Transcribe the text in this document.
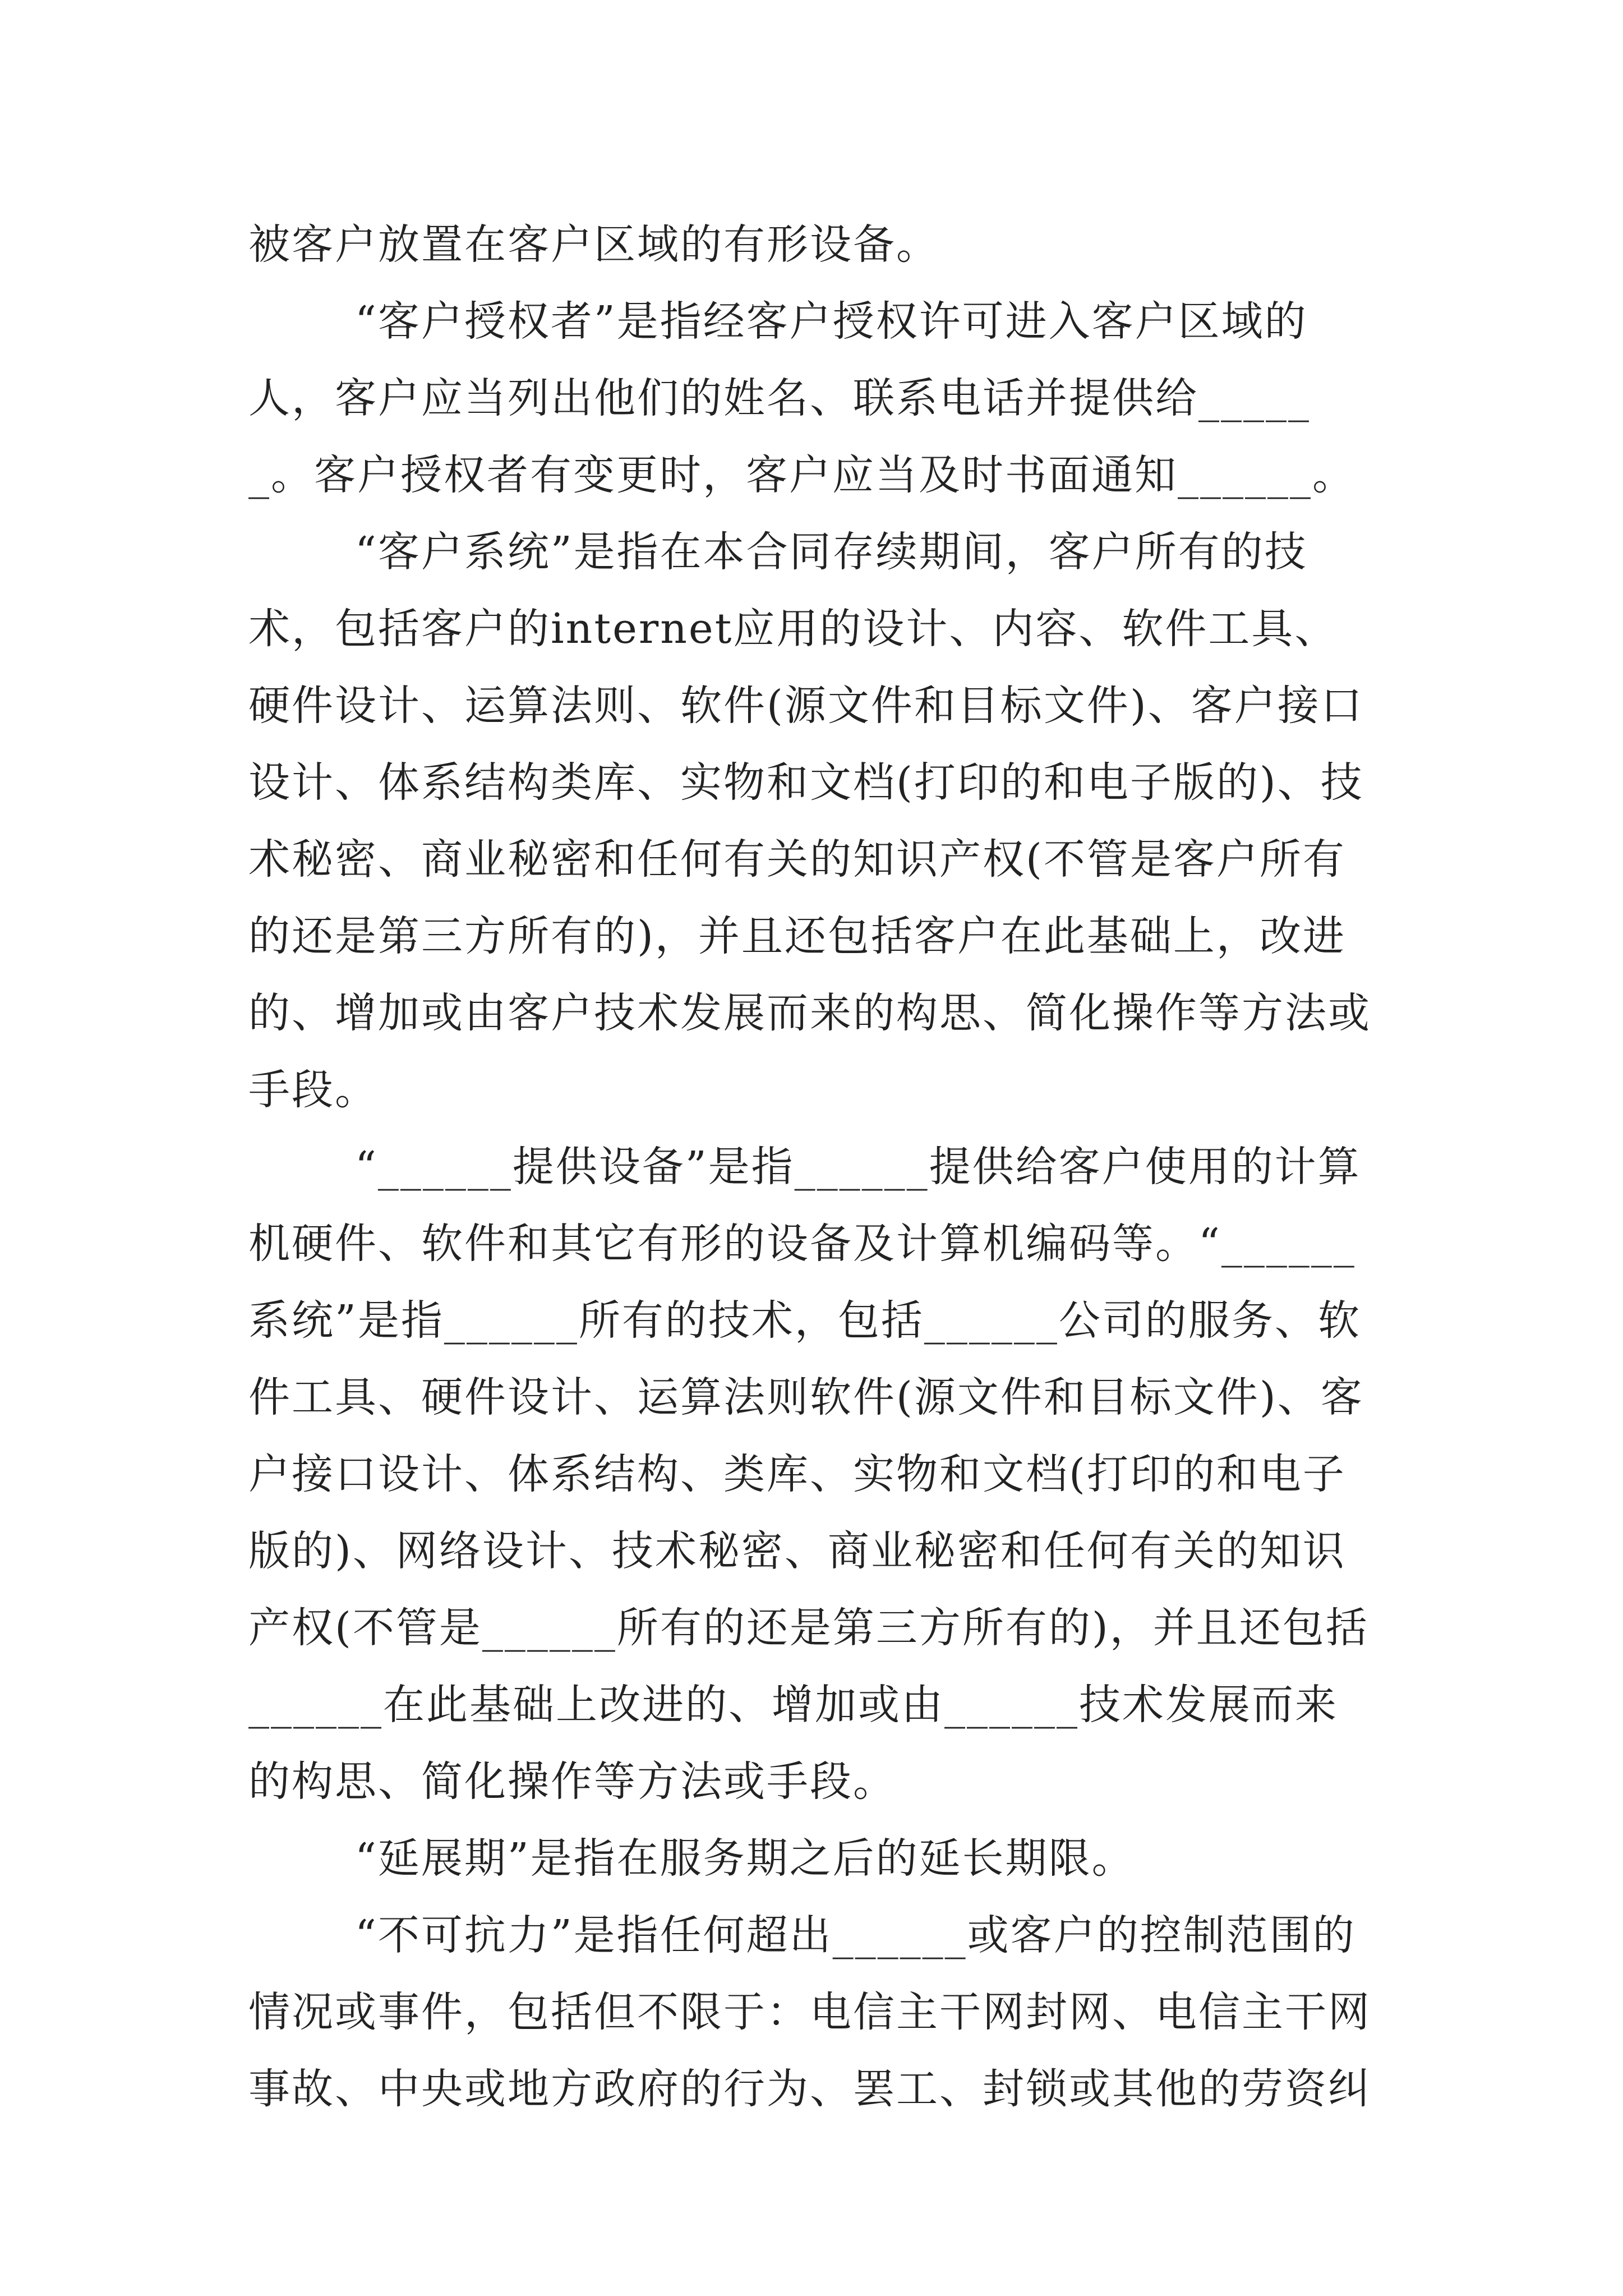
被客户放置在客户区域的有形设备。

“客户授权者”是指经客户授权许可进入客户区域的人，客户应当列出他们的姓名、联系电话并提供给______。客户授权者有变更时，客户应当及时书面通知______。

“客户系统”是指在本合同存续期间，客户所有的技术，包括客户的internet应用的设计、内容、软件工具、硬件设计、运算法则、软件(源文件和目标文件)、客户接口设计、体系结构类库、实物和文档(打印的和电子版的)、技术秘密、商业秘密和任何有关的知识产权(不管是客户所有的还是第三方所有的)，并且还包括客户在此基础上，改进的、增加或由客户技术发展而来的构思、简化操作等方法或手段。

“______提供设备”是指______提供给客户使用的计算机硬件、软件和其它有形的设备及计算机编码等。“______系统”是指______所有的技术，包括______公司的服务、软件工具、硬件设计、运算法则软件(源文件和目标文件)、客户接口设计、体系结构、类库、实物和文档(打印的和电子版的)、网络设计、技术秘密、商业秘密和任何有关的知识产权(不管是______所有的还是第三方所有的)，并且还包括______在此基础上改进的、增加或由______技术发展而来的构思、简化操作等方法或手段。

“延展期”是指在服务期之后的延长期限。

“不可抗力”是指任何超出______或客户的控制范围的情况或事件，包括但不限于：电信主干网封网、电信主干网事故、中央或地方政府的行为、罢工、封锁或其他的劳资纠
